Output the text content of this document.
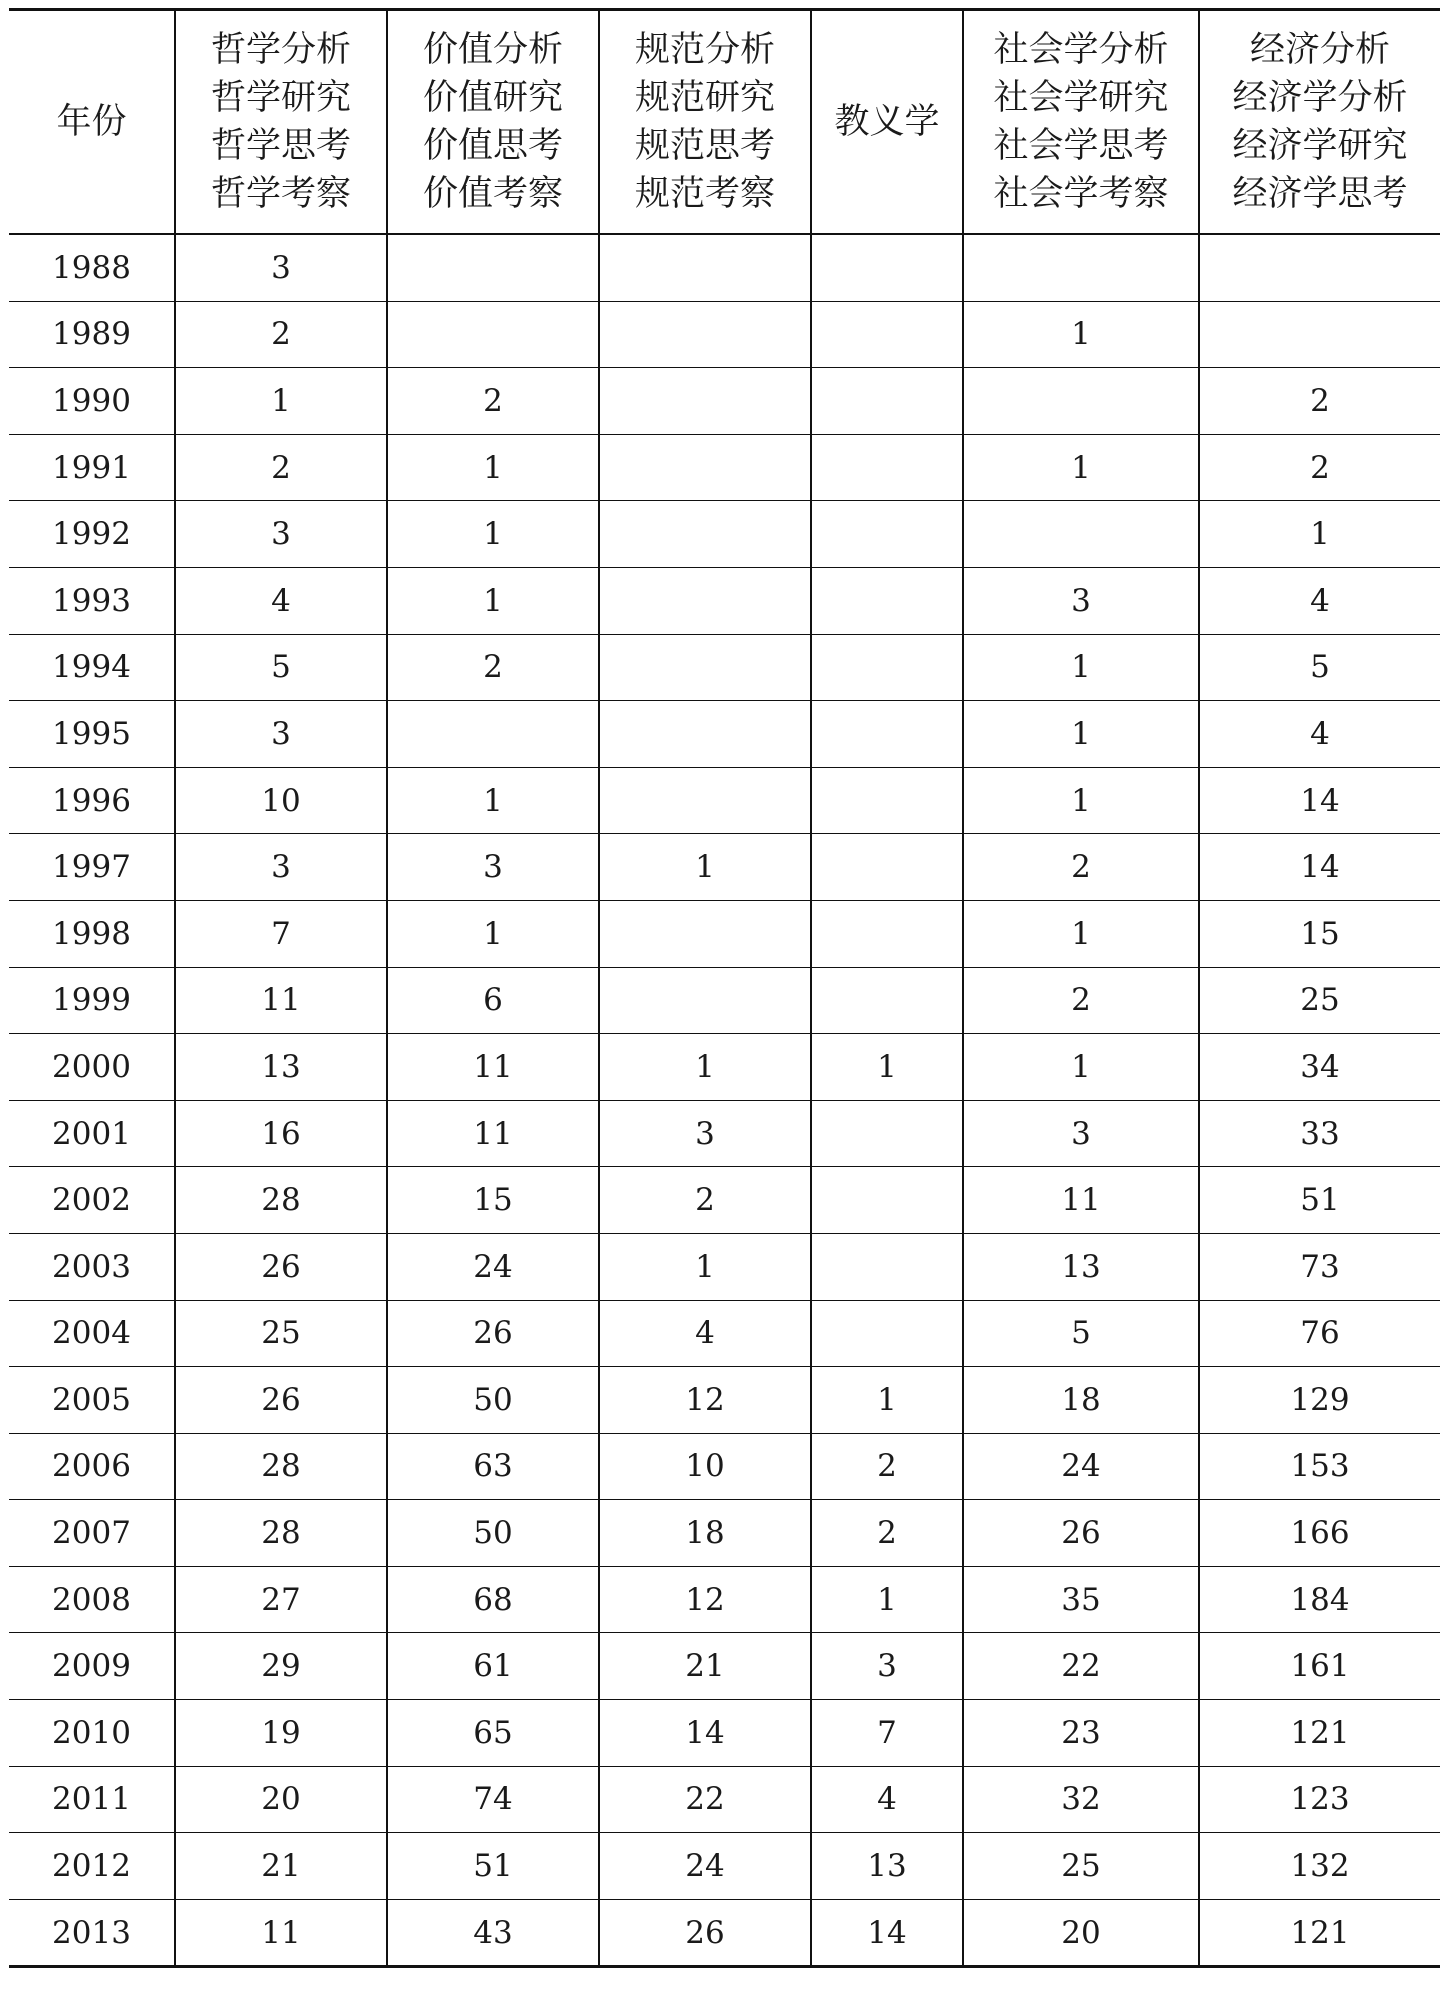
年份	哲学分析
哲学研究
哲学思考
哲学考察	价值分析
价值研究
价值思考
价值考察	规范分析
规范研究
规范思考
规范考察	教义学	社会学分析
社会学研究
社会学思考
社会学考察	经济分析
经济学分析
经济学研究
经济学思考

1988	3					
1989	2				1	
1990	1	2				2
1991	2	1			1	2
1992	3	1				1
1993	4	1			3	4
1994	5	2			1	5
1995	3				1	4
1996	10	1			1	14
1997	3	3	1		2	14
1998	7	1			1	15
1999	11	6			2	25
2000	13	11	1	1	1	34
2001	16	11	3		3	33
2002	28	15	2		11	51
2003	26	24	1		13	73
2004	25	26	4		5	76
2005	26	50	12	1	18	129
2006	28	63	10	2	24	153
2007	28	50	18	2	26	166
2008	27	68	12	1	35	184
2009	29	61	21	3	22	161
2010	19	65	14	7	23	121
2011	20	74	22	4	32	123
2012	21	51	24	13	25	132
2013	11	43	26	14	20	121
